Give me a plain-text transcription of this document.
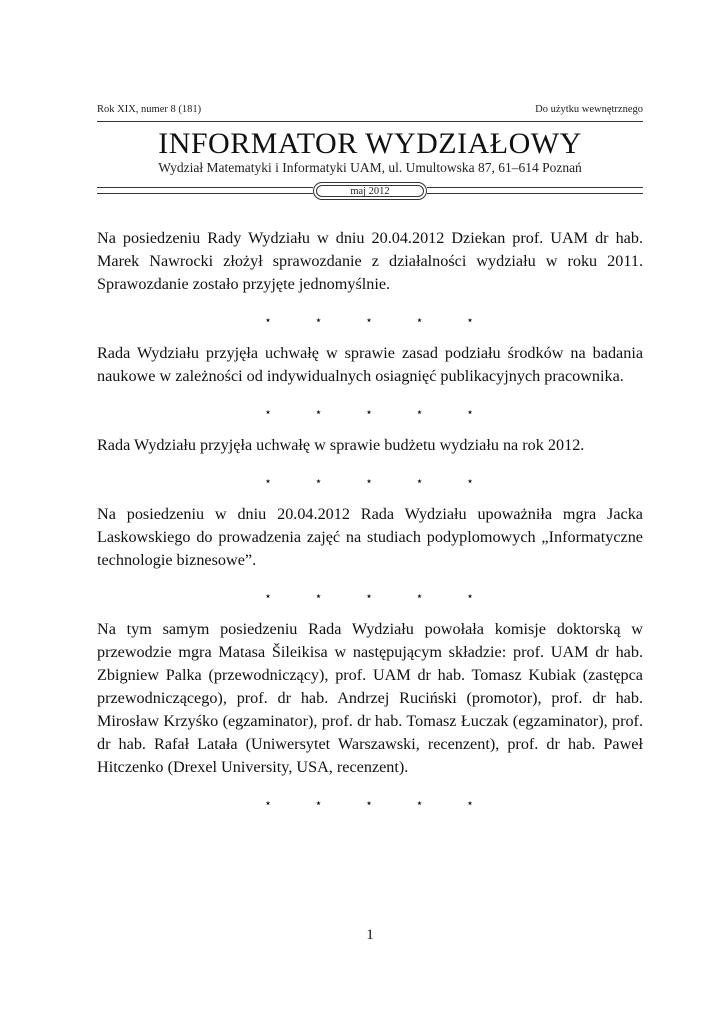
Rok XIX, numer 8 (181)	Do użytku wewnętrznego
INFORMATOR WYDZIAŁOWY
Wydział Matematyki i Informatyki UAM, ul. Umultowska 87, 61–614 Poznań
maj 2012

Na posiedzeniu Rady Wydziału w dniu 20.04.2012 Dziekan prof. UAM dr hab. Marek Nawrocki złożył sprawozdanie z działalności wydziału w roku 2011. Sprawozdanie zostało przyjęte jednomyślnie.

⋆ ⋆ ⋆ ⋆ ⋆

Rada Wydziału przyjęła uchwałę w sprawie zasad podziału środków na badania naukowe w zależności od indywidualnych osiagnięć publikacyjnych pracownika.

⋆ ⋆ ⋆ ⋆ ⋆

Rada Wydziału przyjęła uchwałę w sprawie budżetu wydziału na rok 2012.

⋆ ⋆ ⋆ ⋆ ⋆

Na posiedzeniu w dniu 20.04.2012 Rada Wydziału upoważniła mgra Jacka Laskowskiego do prowadzenia zajęć na studiach podyplomowych „Informatyczne technologie biznesowe”.

⋆ ⋆ ⋆ ⋆ ⋆

Na tym samym posiedzeniu Rada Wydziału powołała komisje doktorską w przewodzie mgra Matasa Šileikisa w następującym składzie: prof. UAM dr hab. Zbigniew Palka (przewodniczący), prof. UAM dr hab. Tomasz Kubiak (zastępca przewodniczącego), prof. dr hab. Andrzej Ruciński (promotor), prof. dr hab. Mirosław Krzyśko (egzaminator), prof. dr hab. Tomasz Łuczak (egzaminator), prof. dr hab. Rafał Latała (Uniwersytet Warszawski, recenzent), prof. dr hab. Paweł Hitczenko (Drexel University, USA, recenzent).

⋆ ⋆ ⋆ ⋆ ⋆
1
